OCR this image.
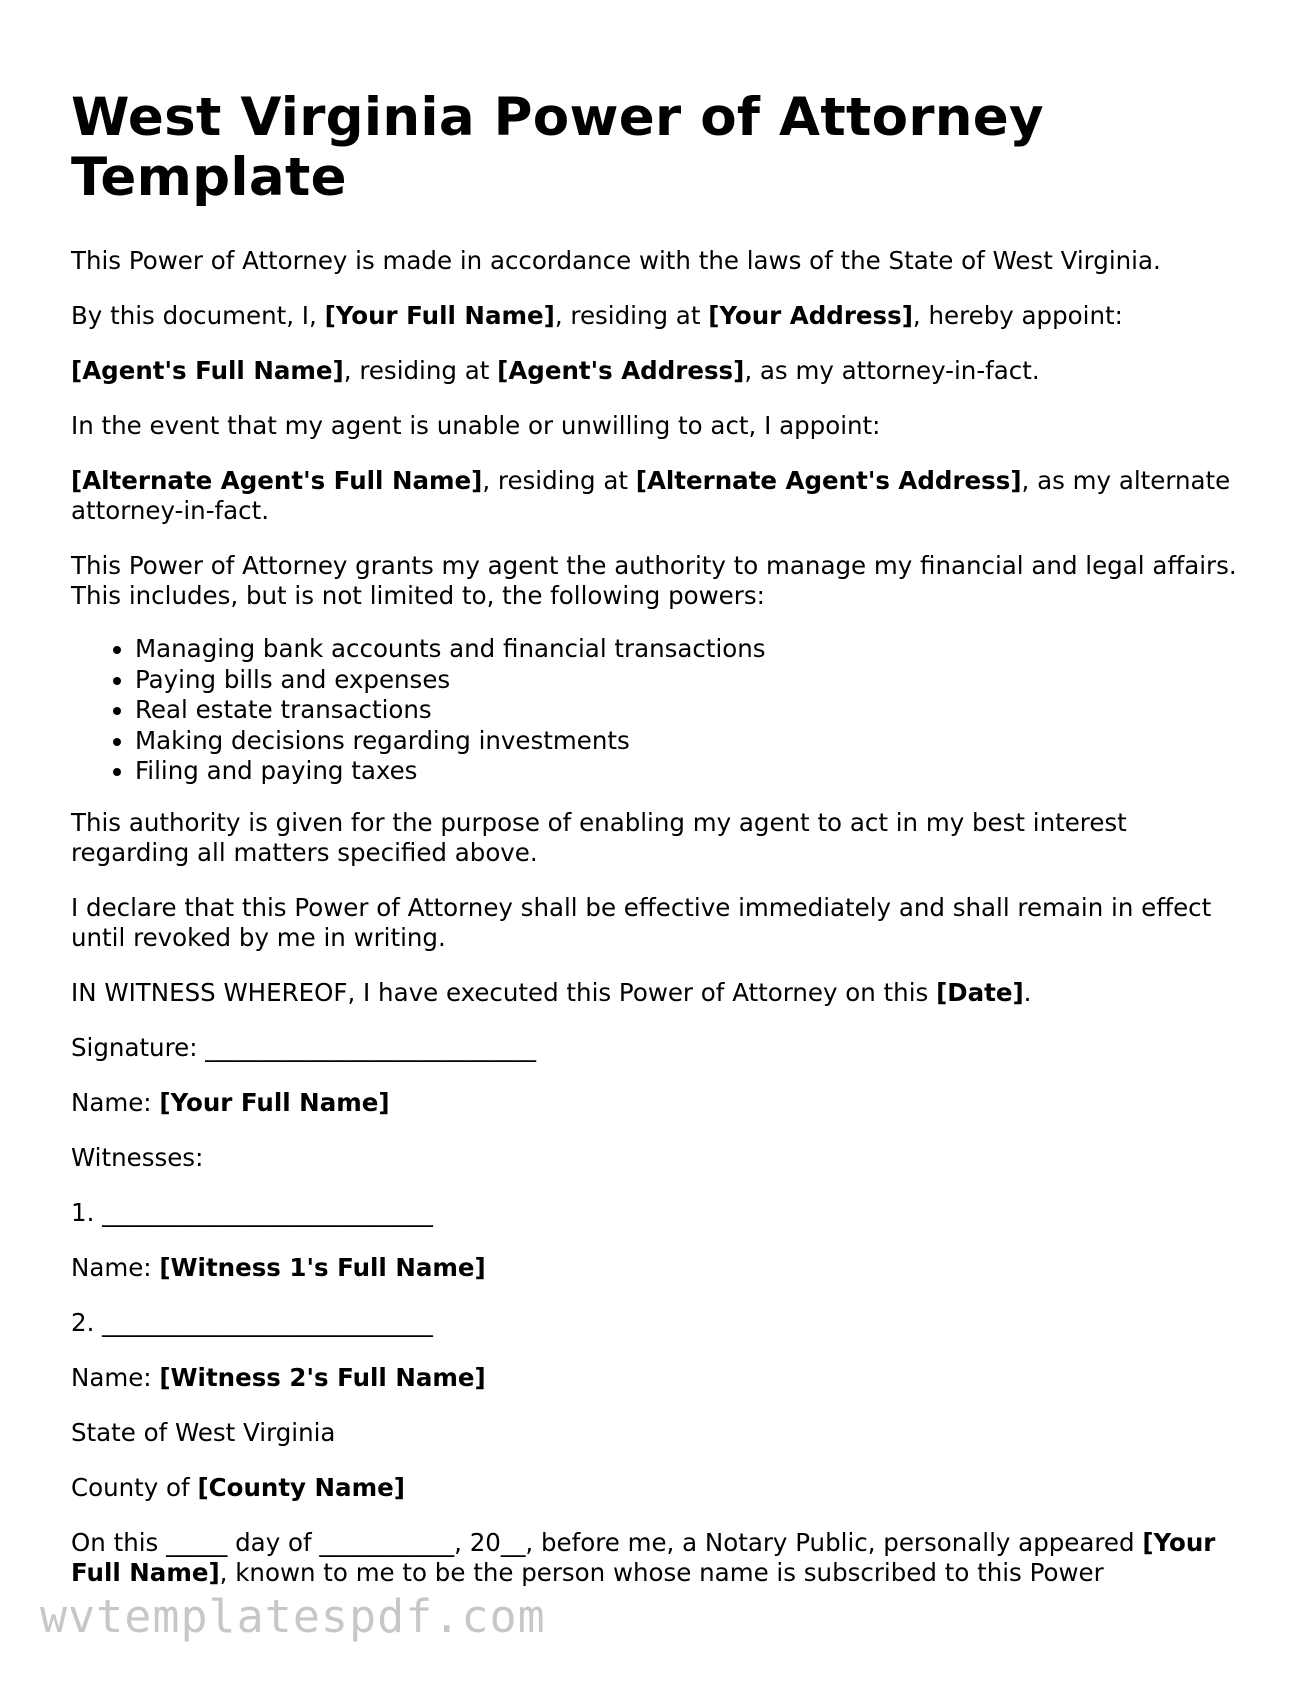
West Virginia Power of Attorney Template

This Power of Attorney is made in accordance with the laws of the State of West Virginia.

By this document, I, [Your Full Name], residing at [Your Address], hereby appoint:

[Agent's Full Name], residing at [Agent's Address], as my attorney-in-fact.

In the event that my agent is unable or unwilling to act, I appoint:

[Alternate Agent's Full Name], residing at [Alternate Agent's Address], as my alternate attorney-in-fact.

This Power of Attorney grants my agent the authority to manage my financial and legal affairs. This includes, but is not limited to, the following powers:

• Managing bank accounts and financial transactions
• Paying bills and expenses
• Real estate transactions
• Making decisions regarding investments
• Filing and paying taxes

This authority is given for the purpose of enabling my agent to act in my best interest regarding all matters specified above.

I declare that this Power of Attorney shall be effective immediately and shall remain in effect until revoked by me in writing.

IN WITNESS WHEREOF, I have executed this Power of Attorney on this [Date].

Signature: ___________________________

Name: [Your Full Name]

Witnesses:

1. ___________________________

Name: [Witness 1's Full Name]

2. ___________________________

Name: [Witness 2's Full Name]

State of West Virginia

County of [County Name]

On this _____ day of ___________, 20__, before me, a Notary Public, personally appeared [Your Full Name], known to me to be the person whose name is subscribed to this Power

wvtemplatespdf.com
